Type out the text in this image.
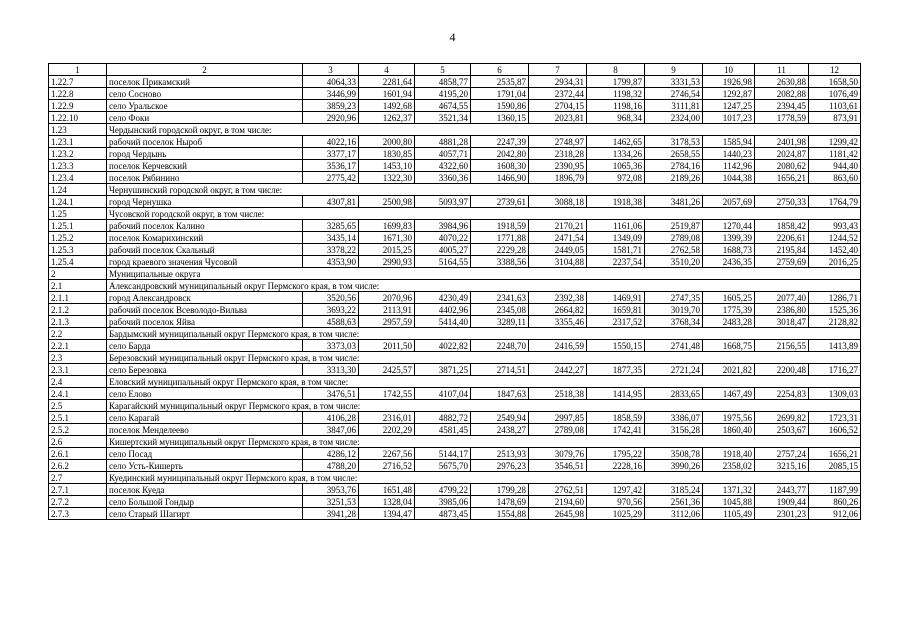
4
1	2	3	4	5	6	7	8	9	10	11	12
1.22.7	поселок Прикамский	4064,33	2281,64	4858,77	2535,87	2934,31	1799,87	3331,53	1926,98	2630,88	1658,50
1.22.8	село Сосново	3446,99	1601,94	4195,20	1791,04	2372,44	1198,32	2746,54	1292,87	2082,88	1076,49
1.22.9	село Уральское	3859,23	1492,68	4674,55	1590,86	2704,15	1198,16	3111,81	1247,25	2394,45	1103,61
1.22.10	село Фоки	2920,96	1262,37	3521,34	1360,15	2023,81	968,34	2324,00	1017,23	1778,59	873,91
1.23	Чердынский городской округ, в том числе:										
1.23.1	рабочий поселок Ныроб	4022,16	2000,80	4881,28	2247,39	2748,97	1462,65	3178,53	1585,94	2401,98	1299,42
1.23.2	город Чердынь	3377,17	1830,85	4057,71	2042,80	2318,28	1334,26	2658,55	1440,23	2024,87	1181,42
1.23.3	поселок Керчевский	3536,17	1453,10	4322,60	1608,30	2390,95	1065,36	2784,16	1142,96	2080,62	944,40
1.23.4	поселок Рябинино	2775,42	1322,30	3360,36	1466,90	1896,79	972,08	2189,26	1044,38	1656,21	863,60
1.24	Чернушинский городской округ, в том числе:										
1.24.1	город Чернушка	4307,81	2500,98	5093,97	2739,61	3088,18	1918,38	3481,26	2057,69	2750,33	1764,79
1.25	Чусовской городской округ, в том числе:										
1.25.1	рабочий поселок Калино	3285,65	1699,83	3984,96	1918,59	2170,21	1161,06	2519,87	1270,44	1858,42	993,43
1.25.2	поселок Комарихинский	3435,14	1671,30	4070,22	1771,88	2471,54	1349,09	2789,08	1399,39	2206,61	1244,52
1.25.3	рабочий поселок Скальный	3378,22	2015,25	4005,27	2229,28	2449,05	1581,71	2762,58	1688,73	2195,84	1452,40
1.25.4	город краевого значения Чусовой	4353,90	2990,93	5164,55	3388,56	3104,88	2237,54	3510,20	2436,35	2759,69	2016,25
2	Муниципальные округа										
2.1	Александровский муниципальный округ Пермского края, в том числе:										
2.1.1	город Александровск	3520,56	2070,96	4230,49	2341,63	2392,38	1469,91	2747,35	1605,25	2077,40	1286,71
2.1.2	рабочий поселок Всеволодо-Вильва	3693,22	2113,91	4402,96	2345,08	2664,82	1659,81	3019,70	1775,39	2386,80	1525,36
2.1.3	рабочий поселок Яйва	4588,63	2957,59	5414,40	3289,11	3355,46	2317,52	3768,34	2483,28	3018,47	2128,82
2.2	Бардымский муниципальный округ Пермского края, в том числе:										
2.2.1	село Барда	3373,03	2011,50	4022,82	2248,70	2416,59	1550,15	2741,48	1668,75	2156,55	1413,89
2.3	Березовский муниципальный округ Пермского края, в том числе:										
2.3.1	село Березовка	3313,30	2425,57	3871,25	2714,51	2442,27	1877,35	2721,24	2021,82	2200,48	1716,27
2.4	Еловский муниципальный округ Пермского края, в том числе:										
2.4.1	село Елово	3476,51	1742,55	4107,04	1847,63	2518,38	1414,95	2833,65	1467,49	2254,83	1309,03
2.5	Карагайский муниципальный округ Пермского края, в том числе:										
2.5.1	село Карагай	4106,28	2316,01	4882,72	2549,94	2997,85	1858,59	3386,07	1975,56	2699,82	1723,31
2.5.2	поселок Менделеево	3847,06	2202,29	4581,45	2438,27	2789,08	1742,41	3156,28	1860,40	2503,67	1606,52
2.6	Кишертский муниципальный округ Пермского края, в том числе:										
2.6.1	село Посад	4286,12	2267,56	5144,17	2513,93	3079,76	1795,22	3508,78	1918,40	2757,24	1656,21
2.6.2	село Усть-Кишерть	4788,20	2716,52	5675,70	2976,23	3546,51	2228,16	3990,26	2358,02	3215,16	2085,15
2.7	Куединский муниципальный округ Пермского края, в том числе:										
2.7.1	поселок Куеда	3953,76	1651,48	4799,22	1799,28	2762,51	1297,42	3185,24	1371,32	2443,77	1187,99
2.7.2	село Большой Гондыр	3251,53	1328,04	3985,06	1478,69	2194,60	970,56	2561,36	1045,88	1909,44	860,26
2.7.3	село Старый Шагирт	3941,28	1394,47	4873,45	1554,88	2645,98	1025,29	3112,06	1105,49	2301,23	912,06
